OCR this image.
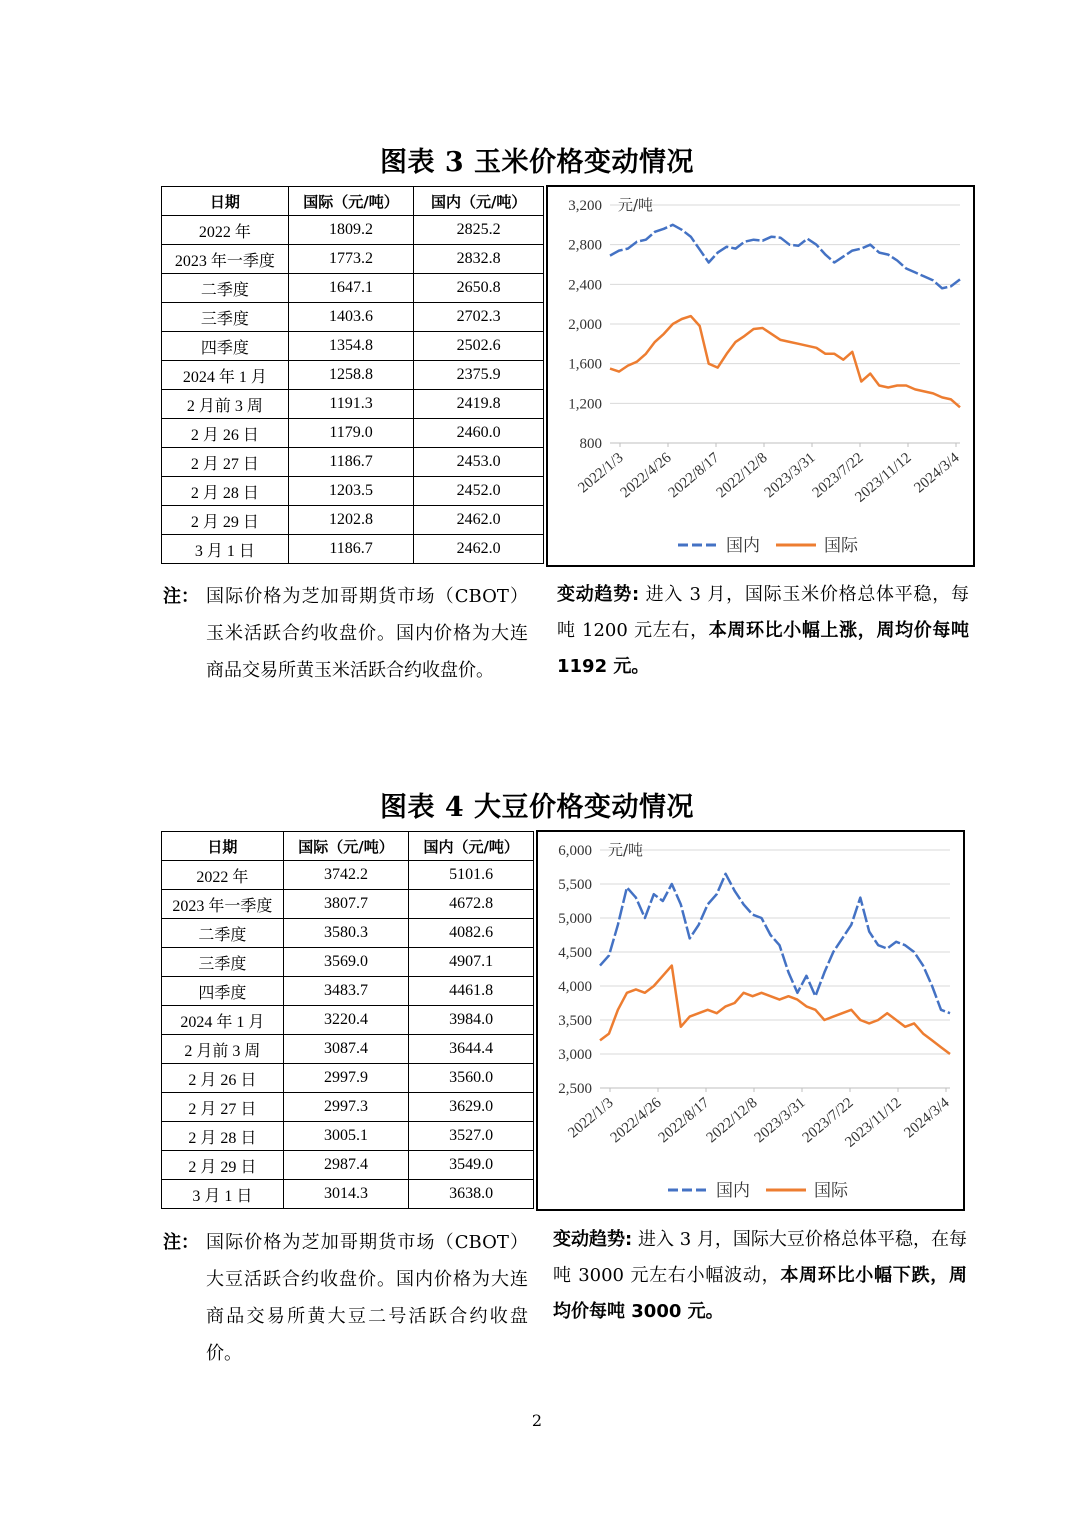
图表 3 玉米价格变动情况
日期	国际（元/吨）	国内（元/吨）
2022 年	1809.2	2825.2
2023 年一季度	1773.2	2832.8
二季度	1647.1	2650.8
三季度	1403.6	2702.3
四季度	1354.8	2502.6
2024 年 1 月	1258.8	2375.9
2 月前 3 周	1191.3	2419.8
2 月 26 日	1179.0	2460.0
2 月 27 日	1186.7	2453.0
2 月 28 日	1203.5	2452.0
2 月 29 日	1202.8	2462.0
3 月 1 日	1186.7	2462.0
800
1,200
1,600
2,000
2,400
2,800
3,200 元/吨
2022/1/3
2022/4/26
2022/8/17
2022/12/8
2023/3/31
2023/7/22
2023/11/12
2024/3/4
国内	国际
注： 国际价格为芝加哥期货市场（CBOT）玉米活跃合约收盘价。国内价格为大连商品交易所黄玉米活跃合约收盘价。
变动趋势: 进入 3 月，国际玉米价格总体平稳，每吨 1200 元左右，本周环比小幅上涨，周均价每吨 1192 元。
图表 4 大豆价格变动情况
日期	国际（元/吨）	国内（元/吨）
2022 年	3742.2	5101.6
2023 年一季度	3807.7	4672.8
二季度	3580.3	4082.6
三季度	3569.0	4907.1
四季度	3483.7	4461.8
2024 年 1 月	3220.4	3984.0
2 月前 3 周	3087.4	3644.4
2 月 26 日	2997.9	3560.0
2 月 27 日	2997.3	3629.0
2 月 28 日	3005.1	3527.0
2 月 29 日	2987.4	3549.0
3 月 1 日	3014.3	3638.0
2,500
3,000
3,500
4,000
4,500
5,000
5,500
6,000 元/吨
2022/1/3
2022/4/26
2022/8/17
2022/12/8
2023/3/31
2023/7/22
2023/11/12
2024/3/4
国内	国际
注： 国际价格为芝加哥期货市场（CBOT）大豆活跃合约收盘价。国内价格为大连商品交易所黄大豆二号活跃合约收盘价。
变动趋势: 进入 3 月，国际大豆价格总体平稳，在每吨 3000 元左右小幅波动，本周环比小幅下跌，周均价每吨 3000 元。
2
